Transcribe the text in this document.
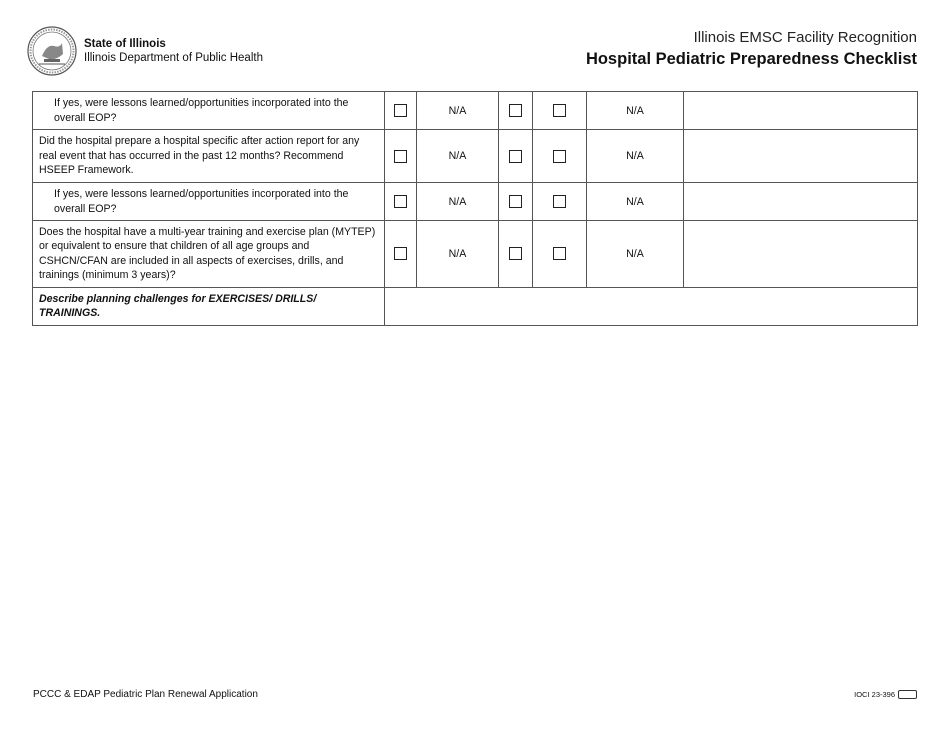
State of Illinois
Illinois Department of Public Health
Illinois EMSC Facility Recognition
Hospital Pediatric Preparedness Checklist
If yes, were lessons learned/opportunities incorporated into the overall EOP?		N/A			N/A	
Did the hospital prepare a hospital specific after action report for any real event that has occurred in the past 12 months? Recommend HSEEP Framework.		N/A			N/A	
If yes, were lessons learned/opportunities incorporated into the overall EOP?		N/A			N/A	
Does the hospital have a multi-year training and exercise plan (MYTEP) or equivalent to ensure that children of all age groups and CSHCN/CFAN are included in all aspects of exercises, drills, and trainings (minimum 3 years)?		N/A			N/A	
Describe planning challenges for EXERCISES/ DRILLS/ TRAININGS.						
PCCC & EDAP Pediatric Plan Renewal Application	IOCI 23-396
